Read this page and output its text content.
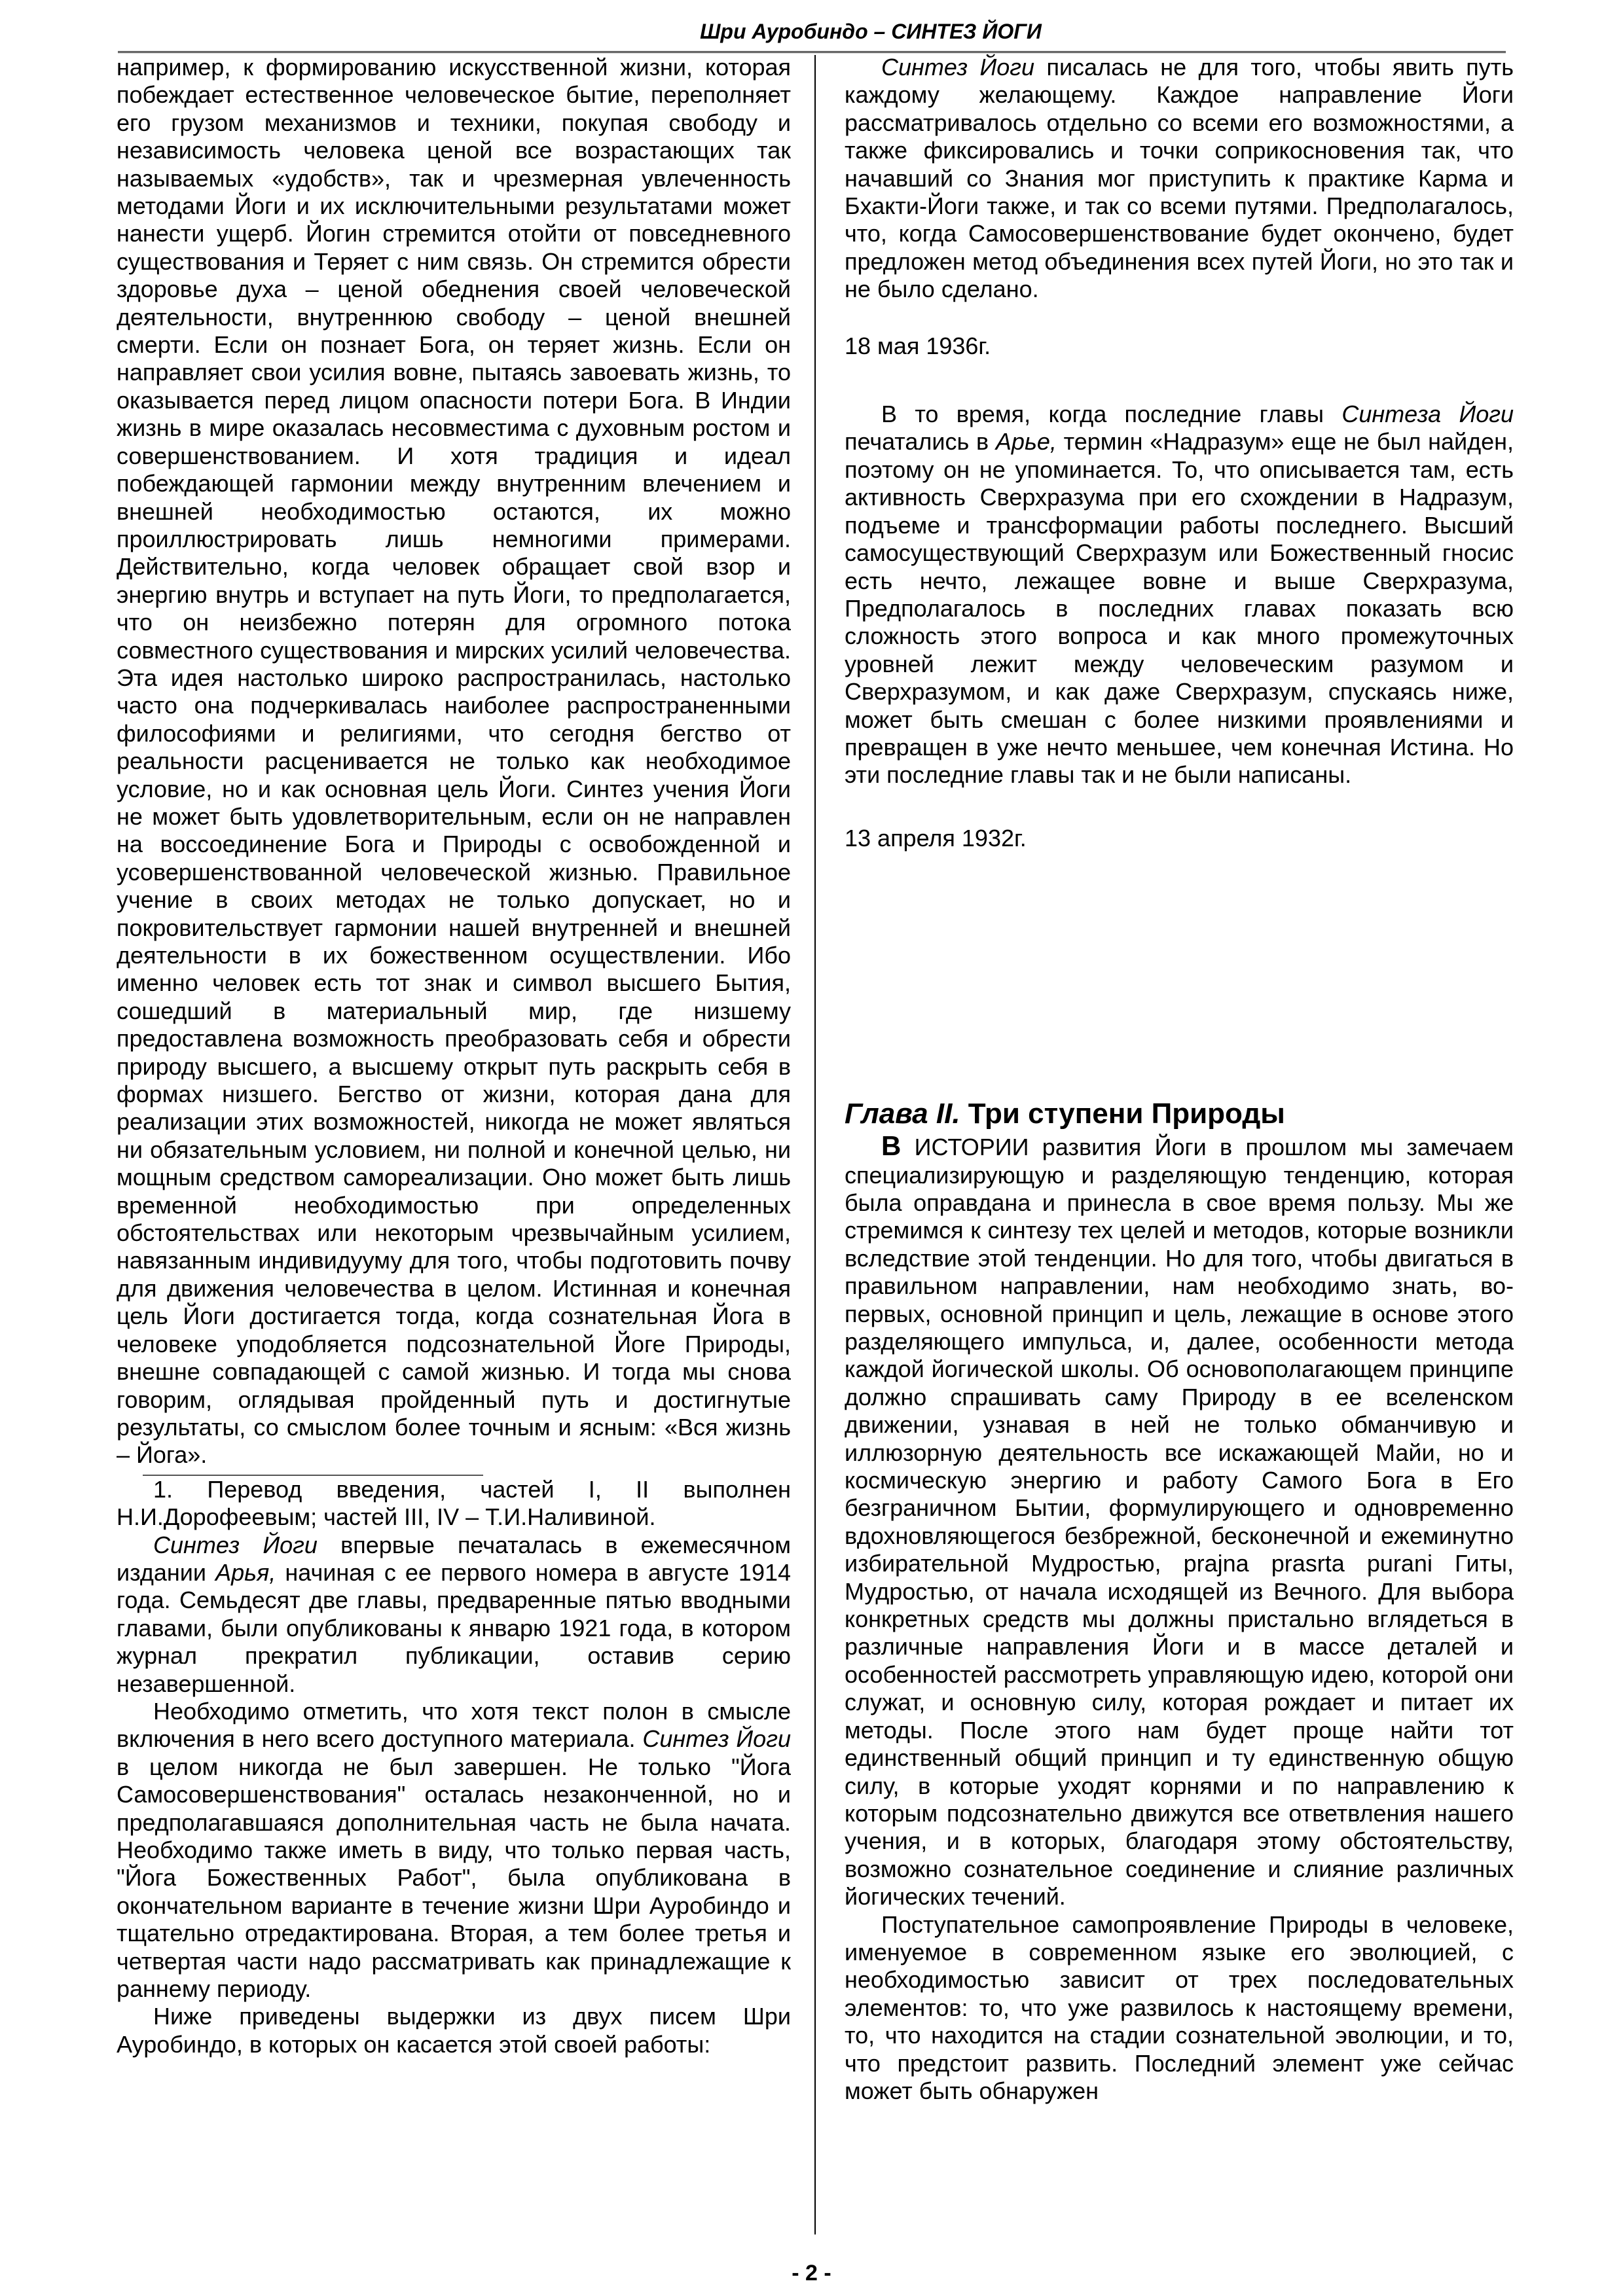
Шри Ауробиндо – СИНТЕЗ ЙОГИ

например, к формированию искусственной жизни, которая побеждает естественное человеческое бытие, переполняет его грузом механизмов и техники, покупая свободу и независимость человека ценой все возрастающих так называемых «удобств», так и чрезмерная увлеченность методами Йоги и их исключительными результатами может нанести ущерб. Йогин стремится отойти от повседневного существования и Теряет с ним связь. Он стремится обрести здоровье духа – ценой обеднения своей человеческой деятельности, внутреннюю свободу – ценой внешней смерти. Если он познает Бога, он теряет жизнь. Если он направляет свои усилия вовне, пытаясь завоевать жизнь, то оказывается перед лицом опасности потери Бога. В Индии жизнь в мире оказалась несовместима с духовным ростом и совершенствованием. И хотя традиция и идеал побеждающей гармонии между внутренним влечением и внешней необходимостью остаются, их можно проиллюстрировать лишь немногими примерами. Действительно, когда человек обращает свой взор и энергию внутрь и вступает на путь Йоги, то предполагается, что он неизбежно потерян для огромного потока совместного существования и мирских усилий человечества. Эта идея настолько широко распространилась, настолько часто она подчеркивалась наиболее распространенными философиями и религиями, что сегодня бегство от реальности расценивается не только как необходимое условие, но и как основная цель Йоги. Синтез учения Йоги не может быть удовлетворительным, если он не направлен на воссоединение Бога и Природы с освобожденной и усовершенствованной человеческой жизнью. Правильное учение в своих методах не только допускает, но и покровительствует гармонии нашей внутренней и внешней деятельности в их божественном осуществлении. Ибо именно человек есть тот знак и символ высшего Бытия, сошедший в материальный мир, где низшему предоставлена возможность преобразовать себя и обрести природу высшего, а высшему открыт путь раскрыть себя в формах низшего. Бегство от жизни, которая дана для реализации этих возможностей, никогда не может являться ни обязательным условием, ни полной и конечной целью, ни мощным средством самореализации. Оно может быть лишь временной необходимостью при определенных обстоятельствах или некоторым чрезвычайным усилием, навязанным индивидууму для того, чтобы подготовить почву для движения человечества в целом. Истинная и конечная цель Йоги достигается тогда, когда сознательная Йога в человеке уподобляется подсознательной Йоге Природы, внешне совпадающей с самой жизнью. И тогда мы снова говорим, оглядывая пройденный путь и достигнутые результаты, со смыслом более точным и ясным: «Вся жизнь – Йога».

1. Перевод введения, частей I, II выполнен Н.И.Дорофеевым; частей III, IV – Т.И.Наливиной.

Синтез Йоги впервые печаталась в ежемесячном издании Арья, начиная с ее первого номера в августе 1914 года. Семьдесят две главы, предваренные пятью вводными главами, были опубликованы к январю 1921 года, в котором журнал прекратил публикации, оставив серию незавершенной.

Необходимо отметить, что хотя текст полон в смысле включения в него всего доступного материала. Синтез Йоги в целом никогда не был завершен. Не только "Йога Самосовершенствования" осталась незаконченной, но и предполагавшаяся дополнительная часть не была начата. Необходимо также иметь в виду, что только первая часть, "Йога Божественных Работ", была опубликована в окончательном варианте в течение жизни Шри Ауробиндо и тщательно отредактирована. Вторая, а тем более третья и четвертая части надо рассматривать как принадлежащие к раннему периоду.

Ниже приведены выдержки из двух писем Шри Ауробиндо, в которых он касается этой своей работы:

Синтез Йоги писалась не для того, чтобы явить путь каждому желающему. Каждое направление Йоги рассматривалось отдельно со всеми его возможностями, а также фиксировались и точки соприкосновения так, что начавший со Знания мог приступить к практике Карма и Бхакти-Йоги также, и так со всеми путями. Предполагалось, что, когда Самосовершенствование будет окончено, будет предложен метод объединения всех путей Йоги, но это так и не было сделано.

18 мая 1936г.

В то время, когда последние главы Синтеза Йоги печатались в Арье, термин «Надразум» еще не был найден, поэтому он не упоминается. То, что описывается там, есть активность Сверхразума при его схождении в Надразум, подъеме и трансформации работы последнего. Высший самосуществующий Сверхразум или Божественный гносис есть нечто, лежащее вовне и выше Сверхразума, Предполагалось в последних главах показать всю сложность этого вопроса и как много промежуточных уровней лежит между человеческим разумом и Сверхразумом, и как даже Сверхразум, спускаясь ниже, может быть смешан с более низкими проявлениями и превращен в уже нечто меньшее, чем конечная Истина. Но эти последние главы так и не были написаны.

13 апреля 1932г.

Глава II. Три ступени Природы

В ИСТОРИИ развития Йоги в прошлом мы замечаем специализирующую и разделяющую тенденцию, которая была оправдана и принесла в свое время пользу. Мы же стремимся к синтезу тех целей и методов, которые возникли вследствие этой тенденции. Но для того, чтобы двигаться в правильном направлении, нам необходимо знать, во-первых, основной принцип и цель, лежащие в основе этого разделяющего импульса, и, далее, особенности метода каждой йогической школы. Об основополагающем принципе должно спрашивать саму Природу в ее вселенском движении, узнавая в ней не только обманчивую и иллюзорную деятельность все искажающей Майи, но и космическую энергию и работу Самого Бога в Его безграничном Бытии, формулирующего и одновременно вдохновляющегося безбрежной, бесконечной и ежеминутно избирательной Мудростью, prajna prasrta purani Гиты, Мудростью, от начала исходящей из Вечного. Для выбора конкретных средств мы должны пристально вглядеться в различные направления Йоги и в массе деталей и особенностей рассмотреть управляющую идею, которой они служат, и основную силу, которая рождает и питает их методы. После этого нам будет проще найти тот единственный общий принцип и ту единственную общую силу, в которые уходят корнями и по направлению к которым подсознательно движутся все ответвления нашего учения, и в которых, благодаря этому обстоятельству, возможно сознательное соединение и слияние различных йогических течений.

Поступательное самопроявление Природы в человеке, именуемое в современном языке его эволюцией, с необходимостью зависит от трех последовательных элементов: то, что уже развилось к настоящему времени, то, что находится на стадии сознательной эволюции, и то, что предстоит развить. Последний элемент уже сейчас может быть обнаружен

- 2 -
